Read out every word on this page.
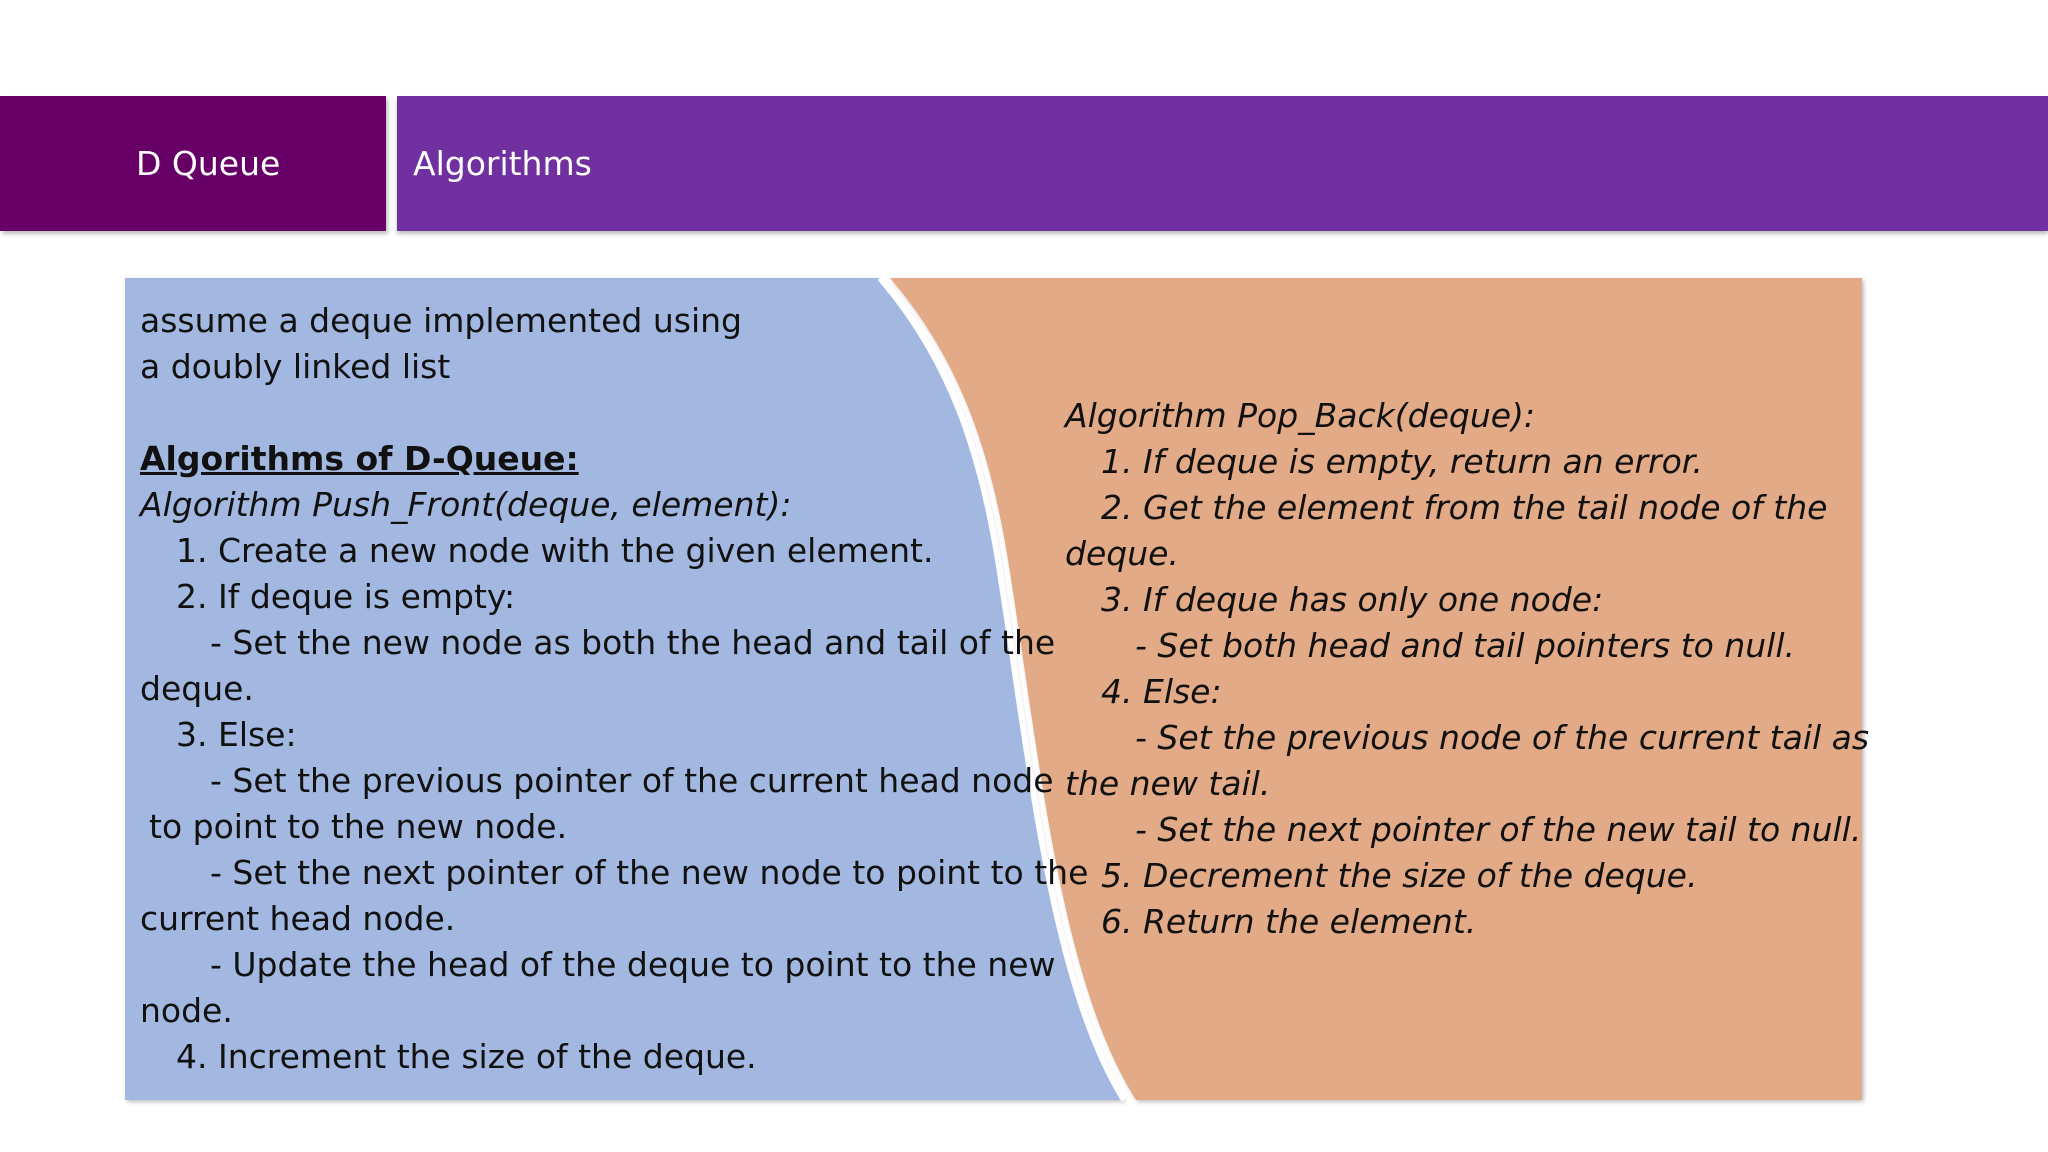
D Queue	Algorithms
assume a deque implemented using
a doubly linked list
Algorithms of D-Queue:
Algorithm Push_Front(deque, element):
1. Create a new node with the given element.
2. If deque is empty:
- Set the new node as both the head and tail of the
deque.
3. Else:
- Set the previous pointer of the current head node
to point to the new node.
- Set the next pointer of the new node to point to the
current head node.
- Update the head of the deque to point to the new
node.
4. Increment the size of the deque.
Algorithm Pop_Back(deque):
1. If deque is empty, return an error.
2. Get the element from the tail node of the
deque.
3. If deque has only one node:
- Set both head and tail pointers to null.
4. Else:
- Set the previous node of the current tail as
the new tail.
- Set the next pointer of the new tail to null.
5. Decrement the size of the deque.
6. Return the element.
